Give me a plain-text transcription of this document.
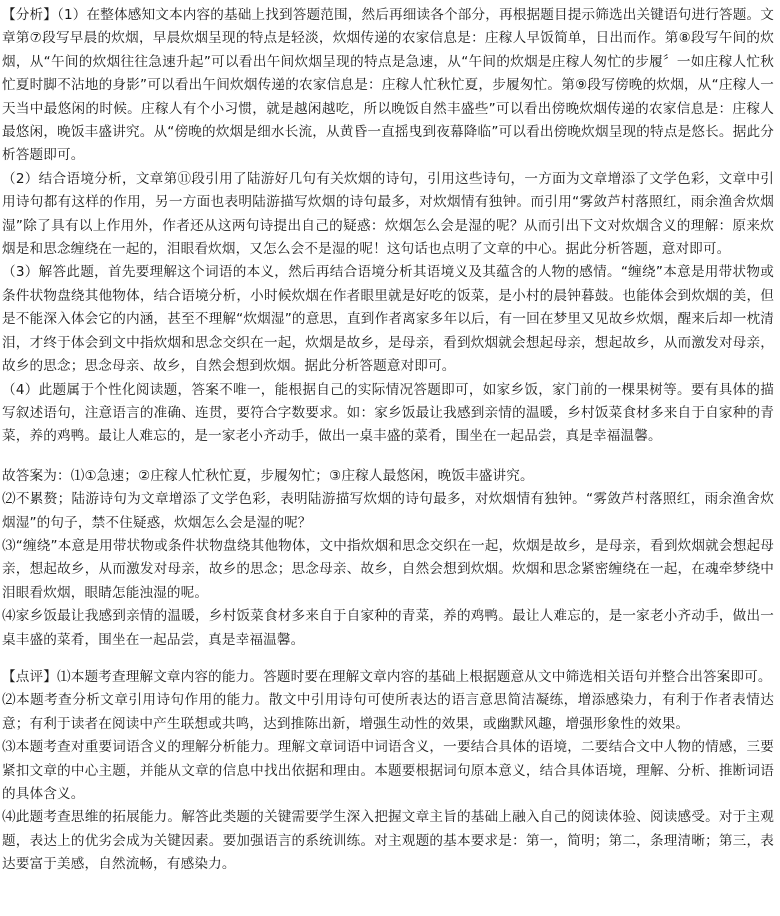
【分析】（1）在整体感知文本内容的基础上找到答题范围，然后再细读各个部分，再根据题目提示筛选出关键语句进行答题。文章第⑦段写早晨的炊烟，早晨炊烟呈现的特点是轻淡，炊烟传递的农家信息是：庄稼人早饭简单，日出而作。第⑧段写午间的炊烟，从“午间的炊烟往往急速升起”可以看出午间炊烟呈现的特点是急速，从“午间的炊烟是庄稼人匆忙的步履〞一如庄稼人忙秋忙夏时脚不沾地的身影”可以看出午间炊烟传递的农家信息是：庄稼人忙秋忙夏，步履匆忙。第⑨段写傍晚的炊烟，从“庄稼人一天当中最悠闲的时候。庄稼人有个小习惯，就是越闲越吃，所以晚饭自然丰盛些”可以看出傍晚炊烟传递的农家信息是：庄稼人最悠闲，晚饭丰盛讲究。从“傍晚的炊烟是细水长流，从黄昏一直摇曳到夜幕降临”可以看出傍晚炊烟呈现的特点是悠长。据此分析答题即可。

（2）结合语境分析，文章第⑪段引用了陆游好几句有关炊烟的诗句，引用这些诗句，一方面为文章增添了文学色彩，文章中引用诗句都有这样的作用，另一方面也表明陆游描写炊烟的诗句最多，对炊烟情有独钟。而引用“雾敛芦村落照红，雨余渔舍炊烟湿”除了具有以上作用外，作者还从这两句诗提出自己的疑惑：炊烟怎么会是湿的呢？从而引出下文对炊烟含义的理解：原来炊烟是和思念缠绕在一起的，泪眼看炊烟，又怎么会不是湿的呢！这句话也点明了文章的中心。据此分析答题，意对即可。

（3）解答此题，首先要理解这个词语的本义，然后再结合语境分析其语境义及其蕴含的人物的感情。“缠绕”本意是用带状物或条件状物盘绕其他物体，结合语境分析，小时候炊烟在作者眼里就是好吃的饭菜，是小村的晨钟暮鼓。也能体会到炊烟的美，但是不能深入体会它的内涵，甚至不理解“炊烟湿”的意思，直到作者离家多年以后，有一回在梦里又见故乡炊烟，醒来后却一枕清泪，才终于体会到文中指炊烟和思念交织在一起，炊烟是故乡，是母亲，看到炊烟就会想起母亲，想起故乡，从而激发对母亲，故乡的思念；思念母亲、故乡，自然会想到炊烟。据此分析答题意对即可。

（4）此题属于个性化阅读题，答案不唯一，能根据自己的实际情况答题即可，如家乡饭，家门前的一棵果树等。要有具体的描写叙述语句，注意语言的准确、连贯，要符合字数要求。如：家乡饭最让我感到亲情的温暖，乡村饭菜食材多来自于自家种的青菜，养的鸡鸭。最让人难忘的，是一家老小齐动手，做出一桌丰盛的菜肴，围坐在一起品尝，真是幸福温馨。

故答案为：⑴①急速；②庄稼人忙秋忙夏，步履匆忙；③庄稼人最悠闲，晚饭丰盛讲究。

⑵不累赘；陆游诗句为文章增添了文学色彩，表明陆游描写炊烟的诗句最多，对炊烟情有独钟。“雾敛芦村落照红，雨余渔舍炊烟湿”的句子，禁不住疑惑，炊烟怎么会是湿的呢？

⑶“缠绕”本意是用带状物或条件状物盘绕其他物体，文中指炊烟和思念交织在一起，炊烟是故乡，是母亲，看到炊烟就会想起母亲，想起故乡，从而激发对母亲，故乡的思念；思念母亲、故乡，自然会想到炊烟。炊烟和思念紧密缠绕在一起，在魂牵梦绕中泪眼看炊烟，眼睛怎能浊湿的呢。

⑷家乡饭最让我感到亲情的温暖，乡村饭菜食材多来自于自家种的青菜，养的鸡鸭。最让人难忘的，是一家老小齐动手，做出一桌丰盛的菜肴，围坐在一起品尝，真是幸福温馨。

【点评】⑴本题考查理解文章内容的能力。答题时要在理解文章内容的基础上根据题意从文中筛选相关语句并整合出答案即可。

⑵本题考查分析文章引用诗句作用的能力。散文中引用诗句可使所表达的语言意思简洁凝练，增添感染力，有利于作者表情达意；有利于读者在阅读中产生联想或共鸣，达到推陈出新，增强生动性的效果，或幽默风趣，增强形象性的效果。

⑶本题考查对重要词语含义的理解分析能力。理解文章词语中词语含义，一要结合具体的语境，二要结合文中人物的情感，三要紧扣文章的中心主题，并能从文章的信息中找出依据和理由。本题要根据词句原本意义，结合具体语境，理解、分析、推断词语的具体含义。

⑷此题考查思维的拓展能力。解答此类题的关键需要学生深入把握文章主旨的基础上融入自己的阅读体验、阅读感受。对于主观题，表达上的优劣会成为关键因素。要加强语言的系统训练。对主观题的基本要求是：第一，简明；第二，条理清晰；第三，表达要富于美感，自然流畅，有感染力。
